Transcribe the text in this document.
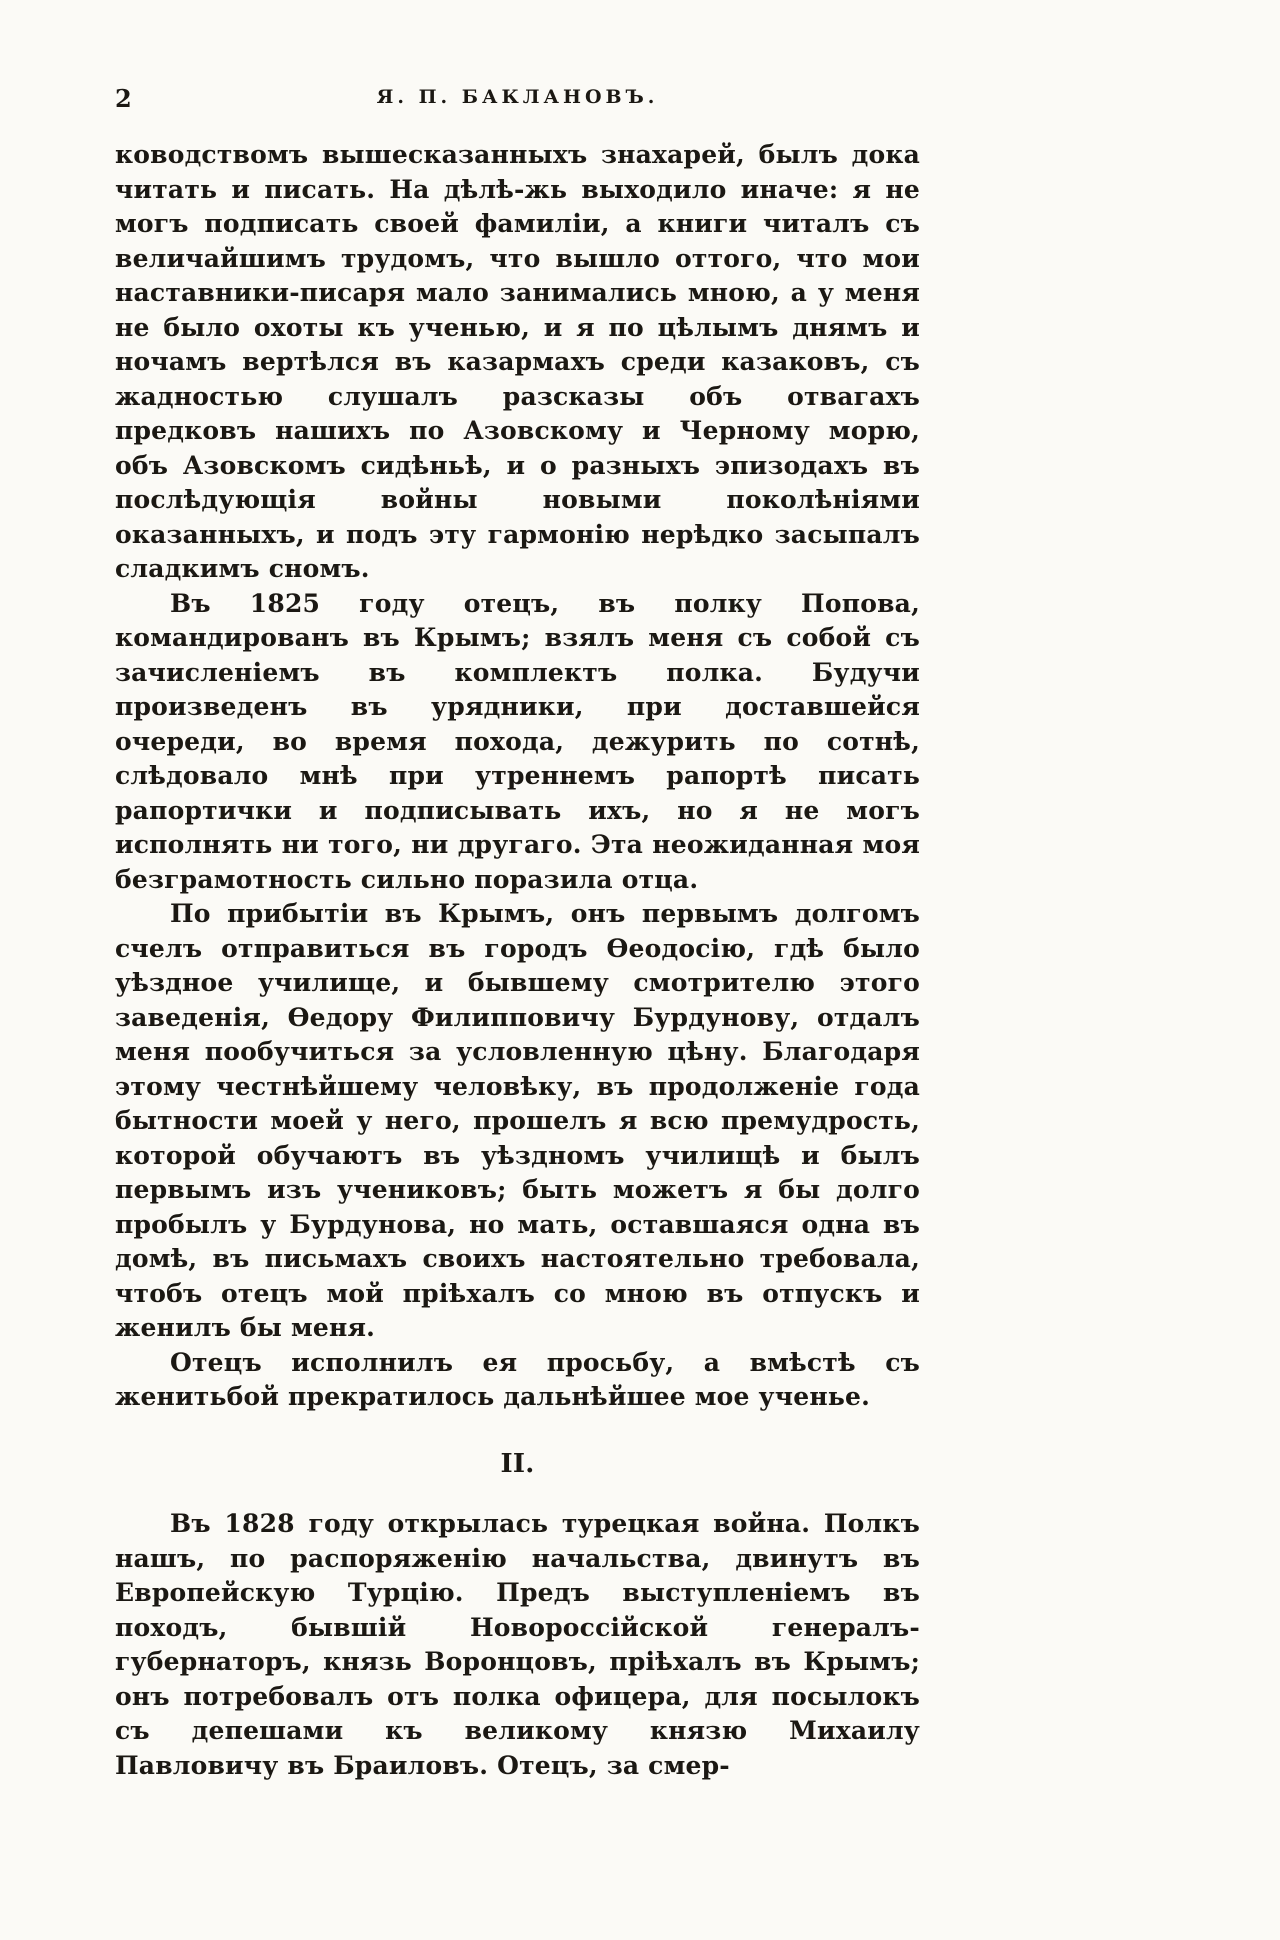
2	Я. П. БАКЛАНОВЪ.

ководствомъ вышесказанныхъ знахарей, былъ дока читать и писать. На дѣлѣ-жь выходило иначе: я не могъ подписать своей фамиліи, а книги читалъ съ величайшимъ трудомъ, что вышло оттого, что мои наставники-писаря мало занимались мною, а у меня не было охоты къ ученью, и я по цѣлымъ днямъ и ночамъ вертѣлся въ казармахъ среди казаковъ, съ жадностью слушалъ разсказы объ отвагахъ предковъ нашихъ по Азовскому и Черному морю, объ Азовскомъ сидѣньѣ, и о разныхъ эпизодахъ въ послѣдующія войны новыми поколѣніями оказанныхъ, и подъ эту гармонію нерѣдко засыпалъ сладкимъ сномъ.

Въ 1825 году отецъ, въ полку Попова, командированъ въ Крымъ; взялъ меня съ собой съ зачисленіемъ въ комплектъ полка. Будучи произведенъ въ урядники, при доставшейся очереди, во время похода, дежурить по сотнѣ, слѣдовало мнѣ при утреннемъ рапортѣ писать рапортички и подписывать ихъ, но я не могъ исполнять ни того, ни другаго. Эта неожиданная моя безграмотность сильно поразила отца.

По прибытіи въ Крымъ, онъ первымъ долгомъ счелъ отправиться въ городъ Ѳеодосію, гдѣ было уѣздное училище, и бывшему смотрителю этого заведенія, Ѳедору Филипповичу Бурдунову, отдалъ меня пообучиться за условленную цѣну. Благодаря этому честнѣйшему человѣку, въ продолженіе года бытности моей у него, прошелъ я всю премудрость, которой обучаютъ въ уѣздномъ училищѣ и былъ первымъ изъ учениковъ; быть можетъ я бы долго пробылъ у Бурдунова, но мать, оставшаяся одна въ домѣ, въ письмахъ своихъ настоятельно требовала, чтобъ отецъ мой пріѣхалъ со мною въ отпускъ и женилъ бы меня.

Отецъ исполнилъ ея просьбу, а вмѣстѣ съ женитьбой прекратилось дальнѣйшее мое ученье.

II.

Въ 1828 году открылась турецкая война. Полкъ нашъ, по распоряженію начальства, двинутъ въ Европейскую Турцію. Предъ выступленіемъ въ походъ, бывшій Новороссійской генералъ-губернаторъ, князь Воронцовъ, пріѣхалъ въ Крымъ; онъ потребовалъ отъ полка офицера, для посылокъ съ депешами къ великому князю Михаилу Павловичу въ Браиловъ. Отецъ, за смер-
